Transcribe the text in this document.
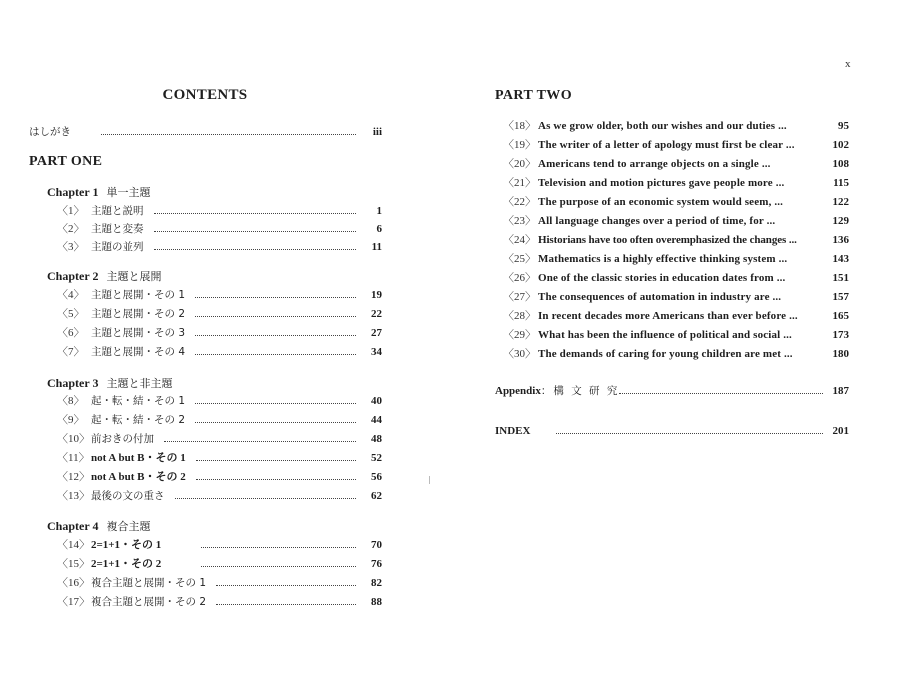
CONTENTS
はしがき	iii
PART ONE
Chapter 1 単一主題
〈1〉 主題と説明	1
〈2〉 主題と変奏	6
〈3〉 主題の並列	11
Chapter 2 主題と展開
〈4〉 主題と展開・その 1	19
〈5〉 主題と展開・その 2	22
〈6〉 主題と展開・その 3	27
〈7〉 主題と展開・その 4	34
Chapter 3 主題と非主題
〈8〉 起・転・結・その 1	40
〈9〉 起・転・結・その 2	44
〈10〉 前おきの付加	48
〈11〉 not A but B・その 1	52
〈12〉 not A but B・その 2	56
〈13〉 最後の文の重さ	62
Chapter 4 複合主題
〈14〉 2=1+1・その 1	70
〈15〉 2=1+1・その 2	76
〈16〉 複合主題と展開・その 1	82
〈17〉 複合主題と展開・その 2	88
x
PART TWO
〈18〉 As we grow older, both our wishes and our duties ...	95
〈19〉 The writer of a letter of apology must first be clear ...	102
〈20〉 Americans tend to arrange objects on a single ...	108
〈21〉 Television and motion pictures gave people more ...	115
〈22〉 The purpose of an economic system would seem, ...	122
〈23〉 All language changes over a period of time, for ...	129
〈24〉 Historians have too often overemphasized the changes ...	136
〈25〉 Mathematics is a highly effective thinking system ...	143
〈26〉 One of the classic stories in education dates from ...	151
〈27〉 The consequences of automation in industry are ...	157
〈28〉 In recent decades more Americans than ever before ...	165
〈29〉 What has been the influence of political and social ...	173
〈30〉 The demands of caring for young children are met ...	180
Appendix ：構 文 研 究	187
INDEX	201
